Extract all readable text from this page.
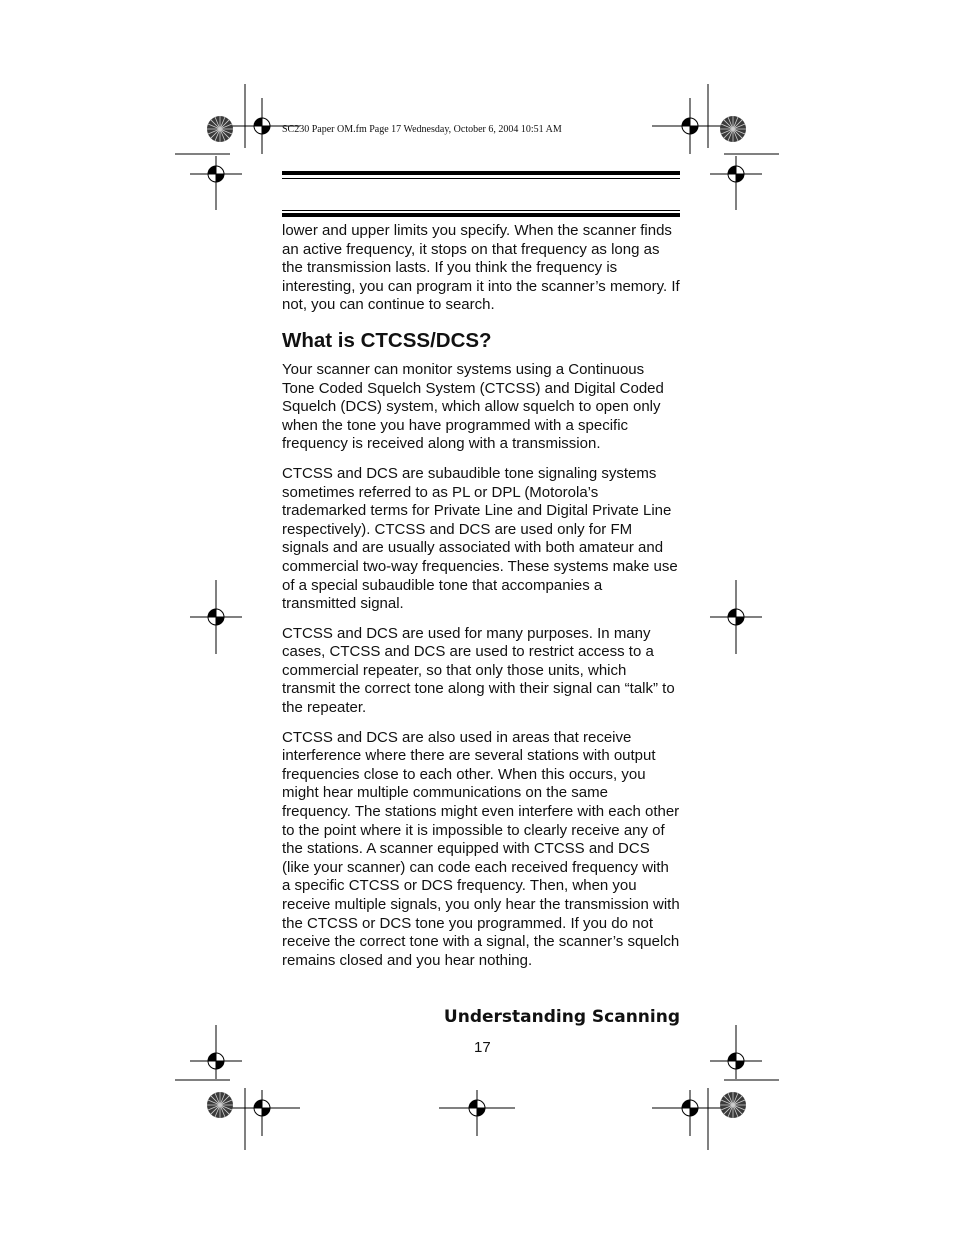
SC230 Paper OM.fm Page 17 Wednesday, October 6, 2004 10:51 AM

lower and upper limits you specify. When the scanner finds an active frequency, it stops on that frequency as long as the transmission lasts. If you think the frequency is interesting, you can program it into the scanner’s memory. If not, you can continue to search.

What is CTCSS/DCS?

Your scanner can monitor systems using a Continuous Tone Coded Squelch System (CTCSS) and Digital Coded Squelch (DCS) system, which allow squelch to open only when the tone you have programmed with a specific frequency is received along with a transmission.

CTCSS and DCS are subaudible tone signaling systems sometimes referred to as PL or DPL (Motorola’s trademarked terms for Private Line and Digital Private Line respectively). CTCSS and DCS are used only for FM signals and are usually associated with both amateur and commercial two-way frequencies. These systems make use of a special subaudible tone that accompanies a transmitted signal.

CTCSS and DCS are used for many purposes. In many cases, CTCSS and DCS are used to restrict access to a commercial repeater, so that only those units, which transmit the correct tone along with their signal can “talk” to the repeater.

CTCSS and DCS are also used in areas that receive interference where there are several stations with output frequencies close to each other. When this occurs, you might hear multiple communications on the same frequency. The stations might even interfere with each other to the point where it is impossible to clearly receive any of the stations. A scanner equipped with CTCSS and DCS (like your scanner) can code each received frequency with a specific CTCSS or DCS frequency. Then, when you receive multiple signals, you only hear the transmission with the CTCSS or DCS tone you programmed. If you do not receive the correct tone with a signal, the scanner’s squelch remains closed and you hear nothing.

Understanding Scanning
17
